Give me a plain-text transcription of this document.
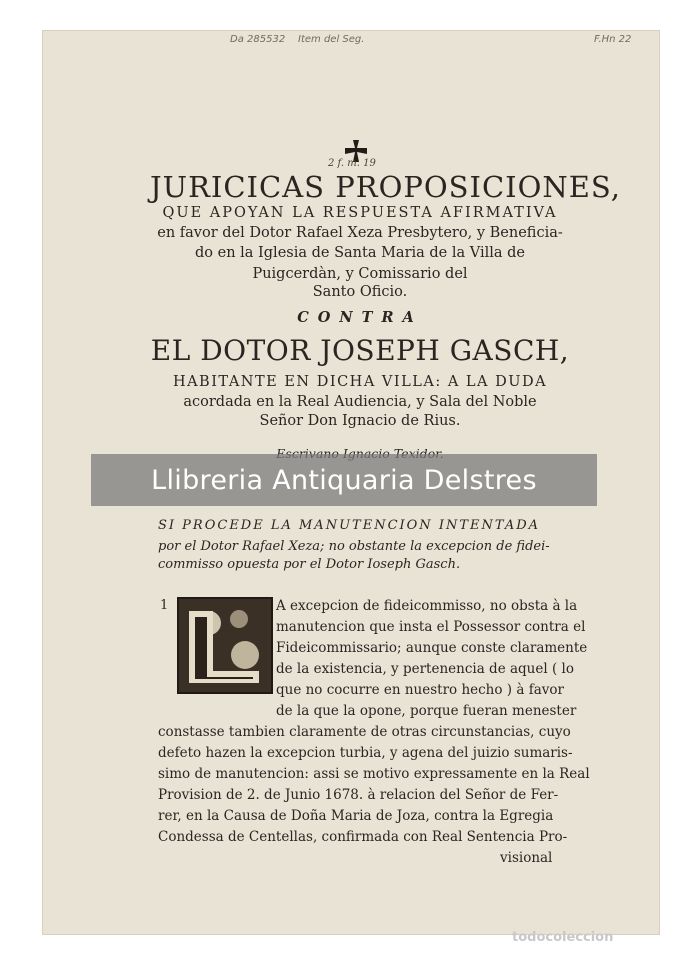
Da 285532 Item del Seg.	F.Hn 22
2 f. m. 19
JURICICAS PROPOSICIONES,
QUE APOYAN LA RESPUESTA AFIRMATIVA
en favor del Dotor Rafael Xeza Presbytero, y Beneficia-
do en la Iglesia de Santa Maria de la Villa de
Puigcerdàn, y Comissario del
Santo Oficio.
CONTRA
EL DOTOR JOSEPH GASCH,
HABITANTE EN DICHA VILLA: A LA DUDA
acordada en la Real Audiencia, y Sala del Noble
Señor Don Ignacio de Rius.
Llibreria Antiquaria Delstres
SI PROCEDE LA MANUTENCION INTENTADA
por el Dotor Rafael Xeza; no obstante la excepcion de fidei-
commisso opuesta por el Dotor Ioseph Gasch.
1	A excepcion de fideicommisso, no obsta à la
manutencion que insta el Possessor contra el
Fideicommissario; aunque conste claramente
de la existencia, y pertenencia de aquel ( lo
que no cocurre en nuestro hecho ) à favor
de la que la opone, porque fueran menester
constasse tambien claramente de otras circunstancias, cuyo
defeto hazen la excepcion turbia, y agena del juizio sumaris-
simo de manutencion: assi se motivo expressamente en la Real
Provision de 2. de Junio 1678. à relacion del Señor de Fer-
rer, en la Causa de Doña Maria de Joza, contra la Egregia
Condessa de Centellas, confirmada con Real Sentencia Pro-
visional
todocoleccion
